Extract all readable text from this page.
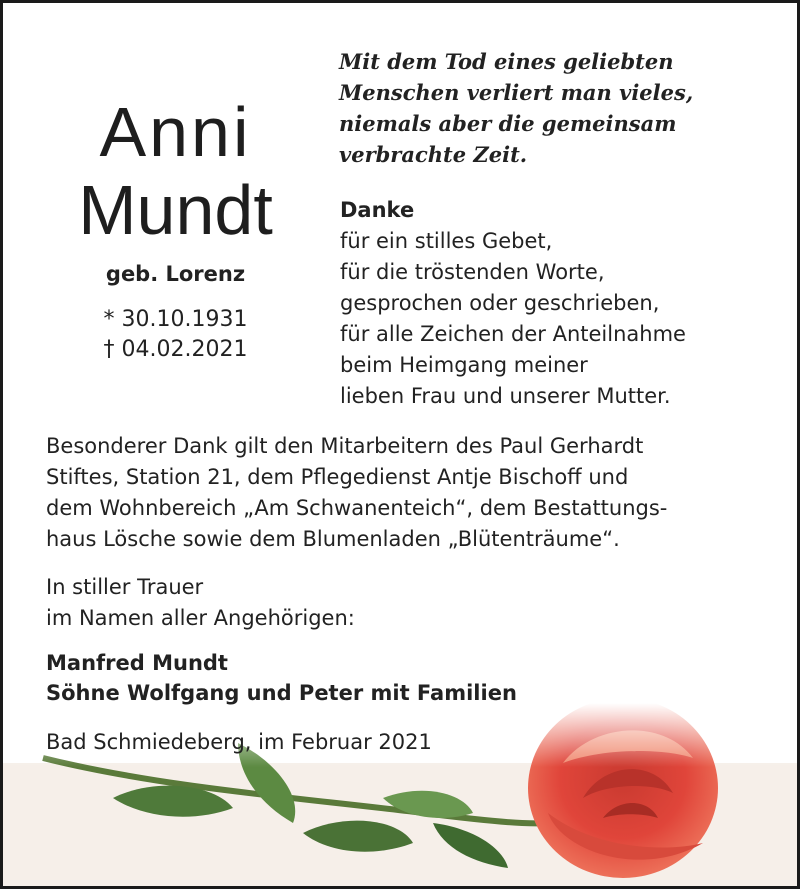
Anni
Mundt
geb. Lorenz
* 30.10.1931
† 04.02.2021
Mit dem Tod eines geliebten
Menschen verliert man vieles,
niemals aber die gemeinsam
verbrachte Zeit.
Danke
für ein stilles Gebet,
für die tröstenden Worte,
gesprochen oder geschrieben,
für alle Zeichen der Anteilnahme
beim Heimgang meiner
lieben Frau und unserer Mutter.
Besonderer Dank gilt den Mitarbeitern des Paul Gerhardt
Stiftes, Station 21, dem Pflegedienst Antje Bischoff und
dem Wohnbereich „Am Schwanenteich“, dem Bestattungs-
haus Lösche sowie dem Blumenladen „Blütenträume“.
In stiller Trauer
im Namen aller Angehörigen:
Manfred Mundt
Söhne Wolfgang und Peter mit Familien
Bad Schmiedeberg, im Februar 2021
